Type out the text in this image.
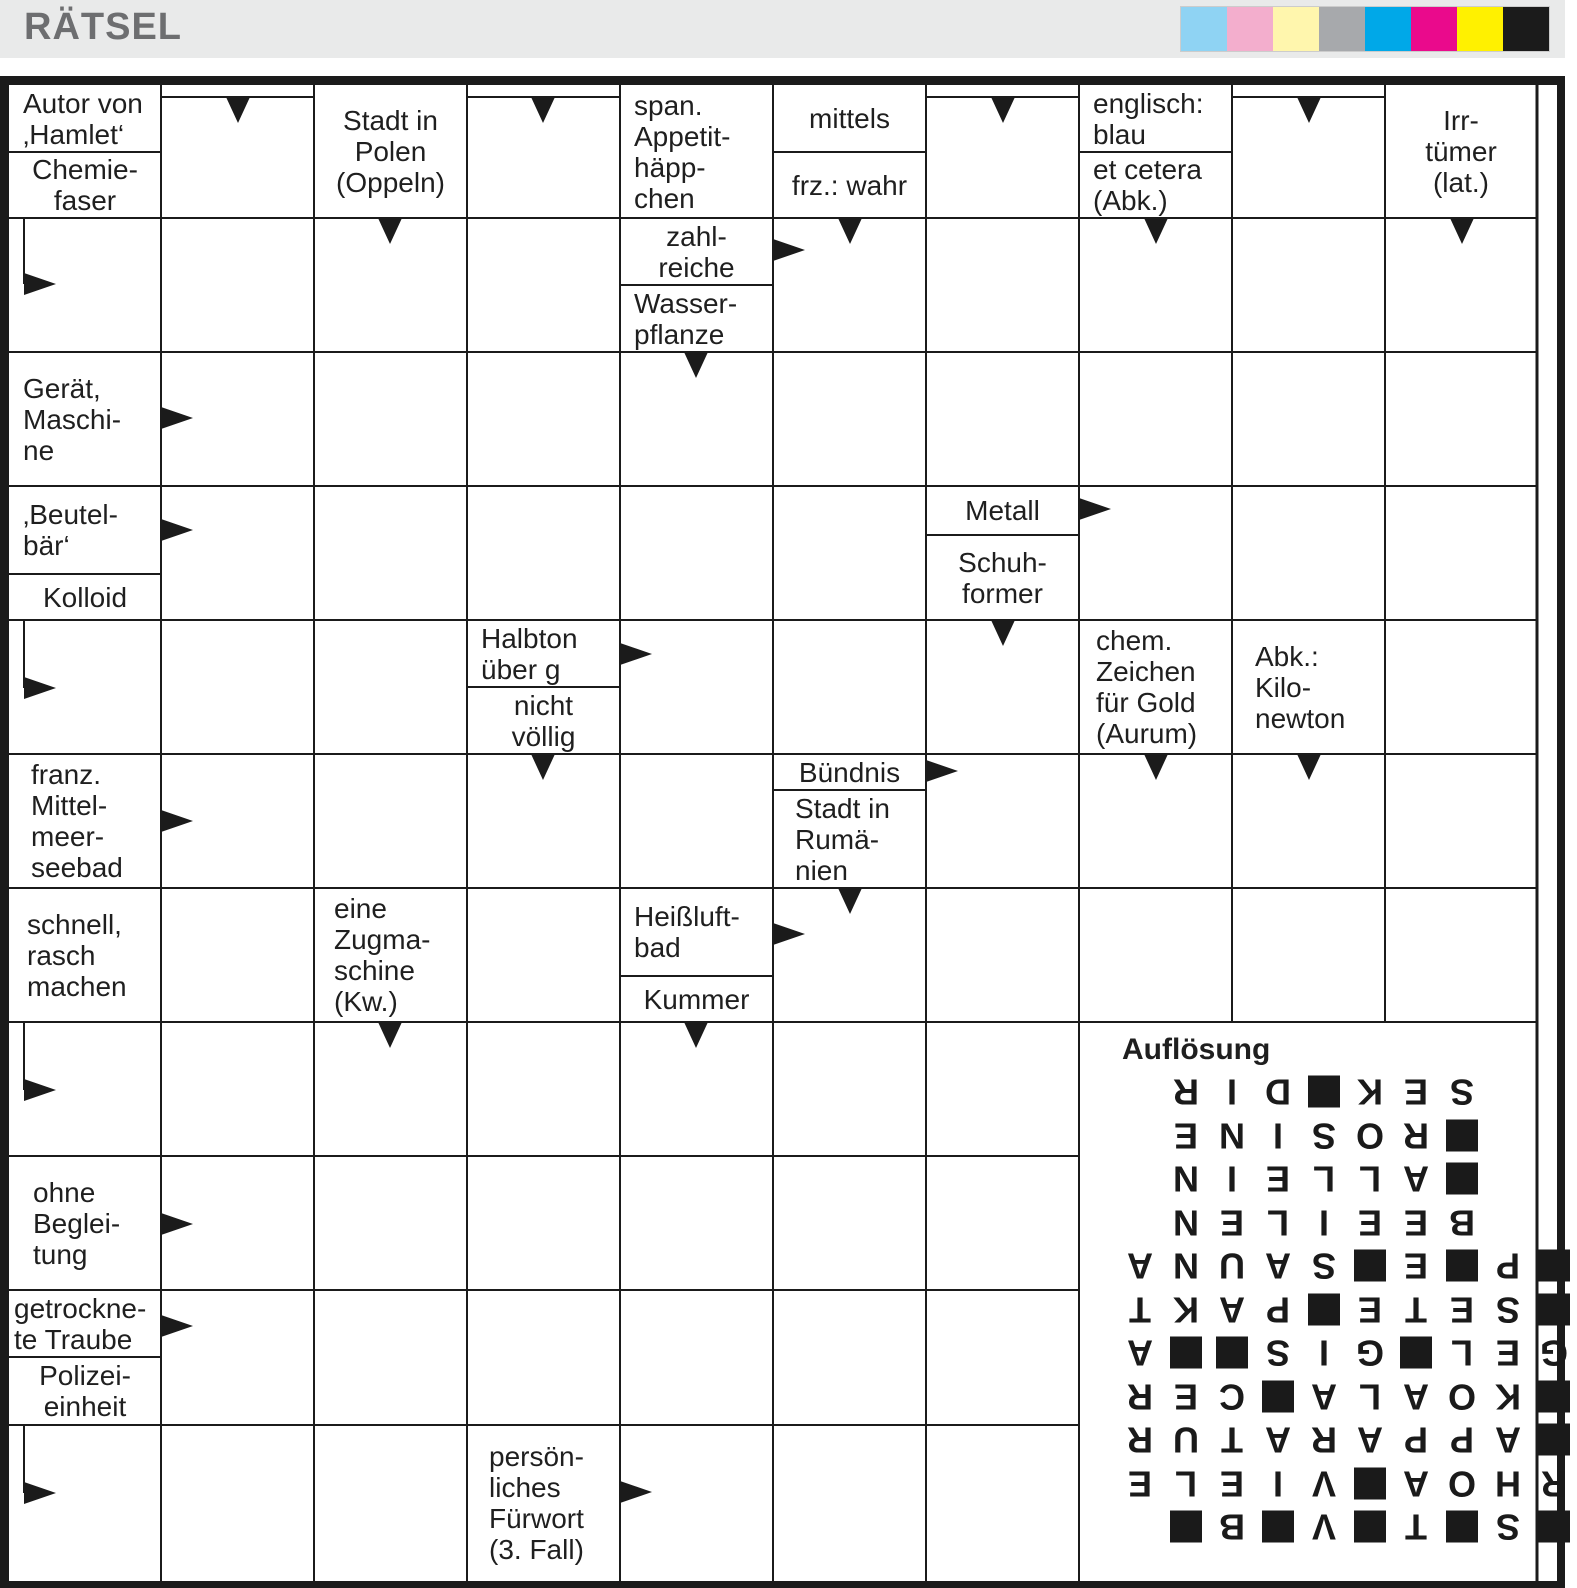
RÄTSEL
Autor von
‚Hamlet‘
Chemie-
faser
Stadt in
Polen
(Oppeln)
span.
Appetit-
häpp-
chen
mittels
frz.: wahr
englisch:
blau
et cetera
(Abk.)
Irr-
tümer
(lat.)
zahl-
reiche
Wasser-
pflanze
Gerät,
Maschi-
ne
‚Beutel-
bär‘
Kolloid
Metall
Schuh-
former
Halbton
über g
nicht
völlig
chem.
Zeichen
für Gold
(Aurum)
Abk.:
Kilo-
newton
franz.
Mittel-
meer-
seebad
Bündnis
Stadt in
Rumä-
nien
schnell,
rasch
machen
eine
Zugma-
schine
(Kw.)
Heißluft-
bad
Kummer
ohne
Beglei-
tung
getrockne-
te Traube
Polizei-
einheit
persön-
liches
Fürwort
(3. Fall)
Auflösung
S
E
K
D
I
R
R
O
S
I
N
E
A
L
L
E
I
N
B
E
E
I
L
E
N
P
E
S
A
U
N
A
S
E
T
E
P
A
K
T
G
E
L
G
I
S
A
K
O
A
L
A
C
E
R
A
P
P
A
R
A
T
U
R
R
H
O
A
V
I
E
L
E
S
T
V
B
